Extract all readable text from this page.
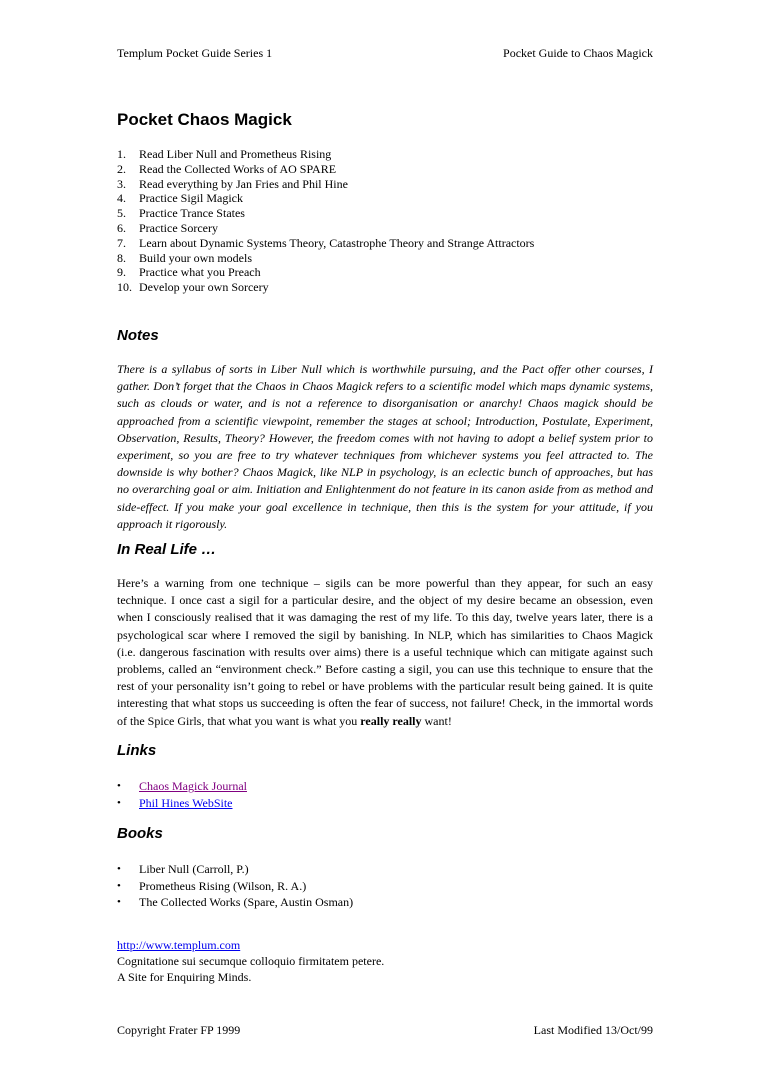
Templum Pocket Guide Series 1	Pocket Guide to Chaos Magick
Pocket Chaos Magick
1.	Read Liber Null and Prometheus Rising
2.	Read the Collected Works of AO SPARE
3.	Read everything by Jan Fries and Phil Hine
4.	Practice Sigil Magick
5.	Practice Trance States
6.	Practice Sorcery
7.	Learn about Dynamic Systems Theory, Catastrophe Theory and Strange Attractors
8.	Build your own models
9.	Practice what you Preach
10. Develop your own Sorcery
Notes

There is a syllabus of sorts in Liber Null which is worthwhile pursuing, and the Pact offer other courses, I gather. Don’t forget that the Chaos in Chaos Magick refers to a scientific model which maps dynamic systems, such as clouds or water, and is not a reference to disorganisation or anarchy! Chaos magick should be approached from a scientific viewpoint, remember the stages at school; Introduction, Postulate, Experiment, Observation, Results, Theory? However, the freedom comes with not having to adopt a belief system prior to experiment, so you are free to try whatever techniques from whichever systems you feel attracted to. The downside is why bother? Chaos Magick, like NLP in psychology, is an eclectic bunch of approaches, but has no overarching goal or aim. Initiation and Enlightenment do not feature in its canon aside from as method and side-effect. If you make your goal excellence in technique, then this is the system for your attitude, if you approach it rigorously.

In Real Life …

Here’s a warning from one technique – sigils can be more powerful than they appear, for such an easy technique. I once cast a sigil for a particular desire, and the object of my desire became an obsession, even when I consciously realised that it was damaging the rest of my life. To this day, twelve years later, there is a psychological scar where I removed the sigil by banishing. In NLP, which has similarities to Chaos Magick (i.e. dangerous fascination with results over aims) there is a useful technique which can mitigate against such problems, called an “environment check.” Before casting a sigil, you can use this technique to ensure that the rest of your personality isn’t going to rebel or have problems with the particular result being gained. It is quite interesting that what stops us succeeding is often the fear of success, not failure! Check, in the immortal words of the Spice Girls, that what you want is what you really really want!

Links
•	Chaos Magick Journal
•	Phil Hines WebSite
Books
•	Liber Null (Carroll, P.)
•	Prometheus Rising (Wilson, R. A.)
•	The Collected Works (Spare, Austin Osman)
http://www.templum.com
Cognitatione sui secumque colloquio firmitatem petere.
A Site for Enquiring Minds.
Copyright Frater FP 1999	Last Modified 13/Oct/99
